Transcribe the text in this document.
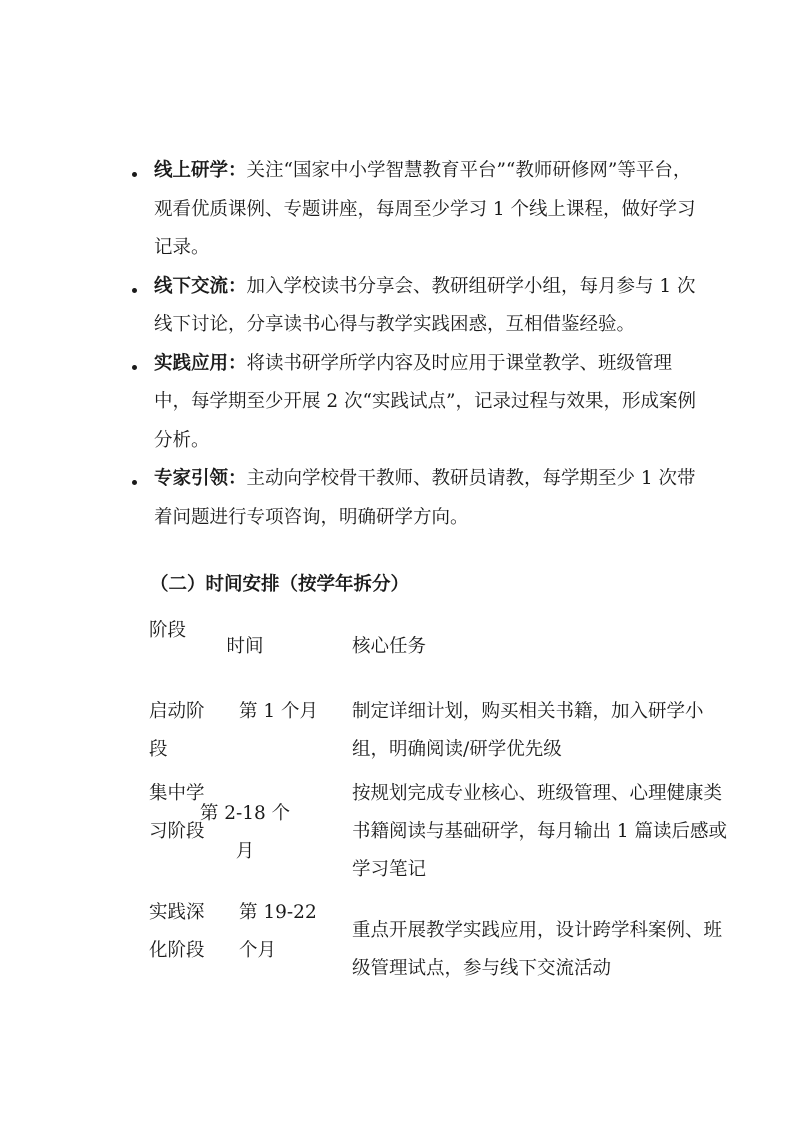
线上研学：关注“国家中小学智慧教育平台”“教师研修网”等平台，观看优质课例、专题讲座，每周至少学习 1 个线上课程，做好学习记录。
线下交流：加入学校读书分享会、教研组研学小组，每月参与 1 次线下讨论，分享读书心得与教学实践困惑，互相借鉴经验。
实践应用：将读书研学所学内容及时应用于课堂教学、班级管理中，每学期至少开展 2 次“实践试点”，记录过程与效果，形成案例分析。
专家引领：主动向学校骨干教师、教研员请教，每学期至少 1 次带着问题进行专项咨询，明确研学方向。
（二）时间安排（按学年拆分）
阶段
时间	核心任务
启动阶段
第 1 个月	制定详细计划，购买相关书籍，加入研学小组，明确阅读/研学优先级
集中学习阶段
第 2-18 个月
按规划完成专业核心、班级管理、心理健康类书籍阅读与基础研学，每月输出 1 篇读后感或学习笔记
实践深化阶段
第 19-22 个月
重点开展教学实践应用，设计跨学科案例、班级管理试点，参与线下交流活动
